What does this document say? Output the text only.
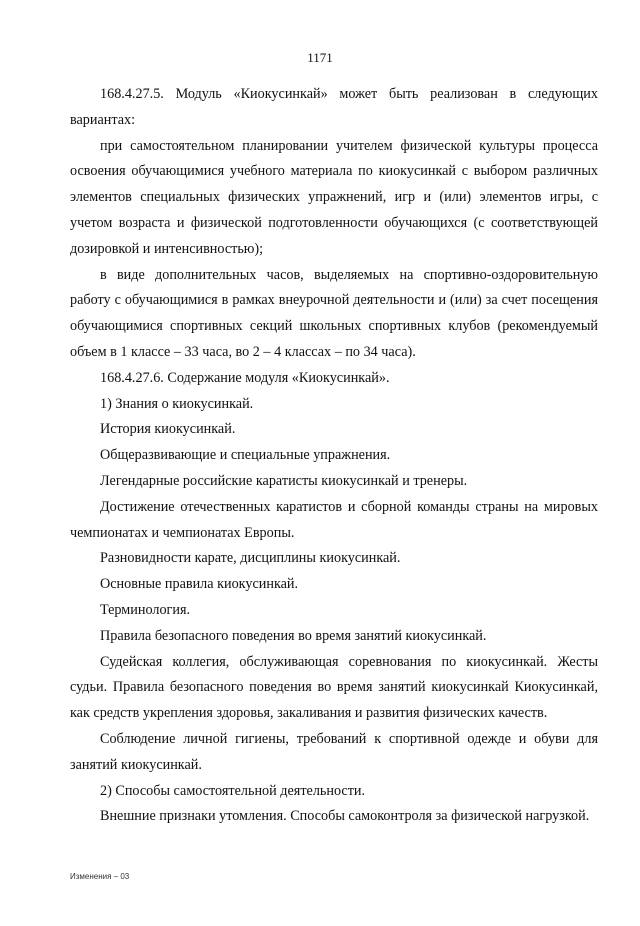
1171

168.4.27.5. Модуль «Киокусинкай» может быть реализован в следующих вариантах:

при самостоятельном планировании учителем физической культуры процесса освоения обучающимися учебного материала по киокусинкай с выбором различных элементов специальных физических упражнений, игр и (или) элементов игры, с учетом возраста и физической подготовленности обучающихся (с соответствующей дозировкой и интенсивностью);

в виде дополнительных часов, выделяемых на спортивно-оздоровительную работу с обучающимися в рамках внеурочной деятельности и (или) за счет посещения обучающимися спортивных секций школьных спортивных клубов (рекомендуемый объем в 1 классе – 33 часа, во 2 – 4 классах – по 34 часа).

168.4.27.6. Содержание модуля «Киокусинкай».

1) Знания о киокусинкай.

История киокусинкай.

Общеразвивающие и специальные упражнения.

Легендарные российские каратисты киокусинкай и тренеры.

Достижение отечественных каратистов и сборной команды страны на мировых чемпионатах и чемпионатах Европы.

Разновидности карате, дисциплины киокусинкай.

Основные правила киокусинкай.

Терминология.

Правила безопасного поведения во время занятий киокусинкай.

Судейская коллегия, обслуживающая соревнования по киокусинкай. Жесты судьи. Правила безопасного поведения во время занятий киокусинкай Киокусинкай, как средств укрепления здоровья, закаливания и развития физических качеств.

Соблюдение личной гигиены, требований к спортивной одежде и обуви для занятий киокусинкай.

2) Способы самостоятельной деятельности.

Внешние признаки утомления. Способы самоконтроля за физической нагрузкой.

Изменения – 03
